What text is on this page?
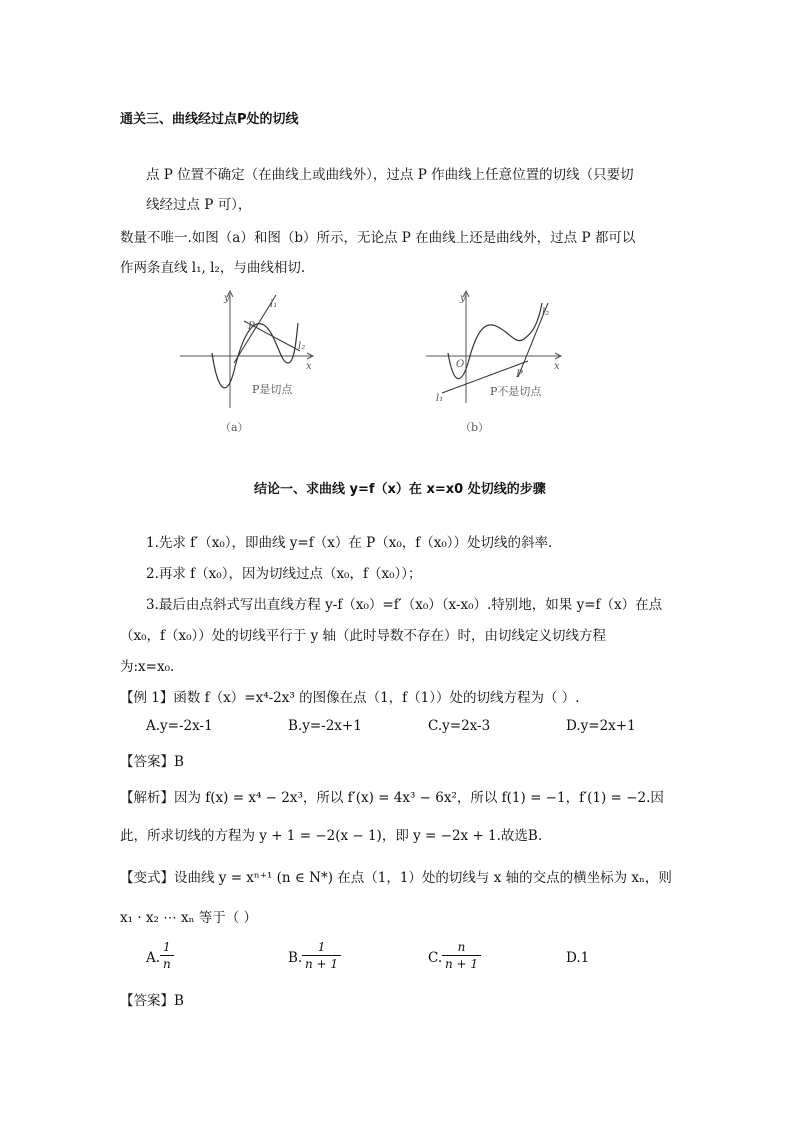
通关三、曲线经过点P处的切线
点 P 位置不确定（在曲线上或曲线外），过点 P 作曲线上任意位置的切线（只要切
线经过点 P 可），
数量不唯一.如图（a）和图（b）所示，无论点 P 在曲线上还是曲线外，过点 P 都可以
作两条直线 l₁, l₂，与曲线相切.
y
x
l₁
l₂
P
P是切点
（a）
y
x
O
l₁
l₂
P
P不是切点
（b）
结论一、求曲线 y=f（x）在 x=x0 处切线的步骤
1.先求 f′（x₀），即曲线 y=f（x）在 P（x₀，f（x₀））处切线的斜率.
2.再求 f（x₀），因为切线过点（x₀，f（x₀））；
3.最后由点斜式写出直线方程 y-f（x₀）=f′（x₀）（x-x₀）.特别地，如果 y=f（x）在点
（x₀，f（x₀））处的切线平行于 y 轴（此时导数不存在）时，由切线定义切线方程
为:x=x₀.
【例 1】函数 f（x）=x⁴-2x³ 的图像在点（1，f（1））处的切线方程为（ ）.
A.y=-2x-1	B.y=-2x+1	C.y=2x-3	D.y=2x+1
【答案】B
【解析】因为 f(x) = x⁴ − 2x³，所以 f′(x) = 4x³ − 6x²，所以 f(1) = −1，f′(1) = −2.因
此，所求切线的方程为 y + 1 = −2(x − 1)，即 y = −2x + 1.故选B.
【变式】设曲线 y = xⁿ⁺¹ (n ∈ N*) 在点（1，1）处的切线与 x 轴的交点的横坐标为 xₙ，则
x₁ · x₂ ⋯ xₙ 等于（ ）
A.
1
n	B.
1
n + 1	C.
n
n + 1	D.1
【答案】B
